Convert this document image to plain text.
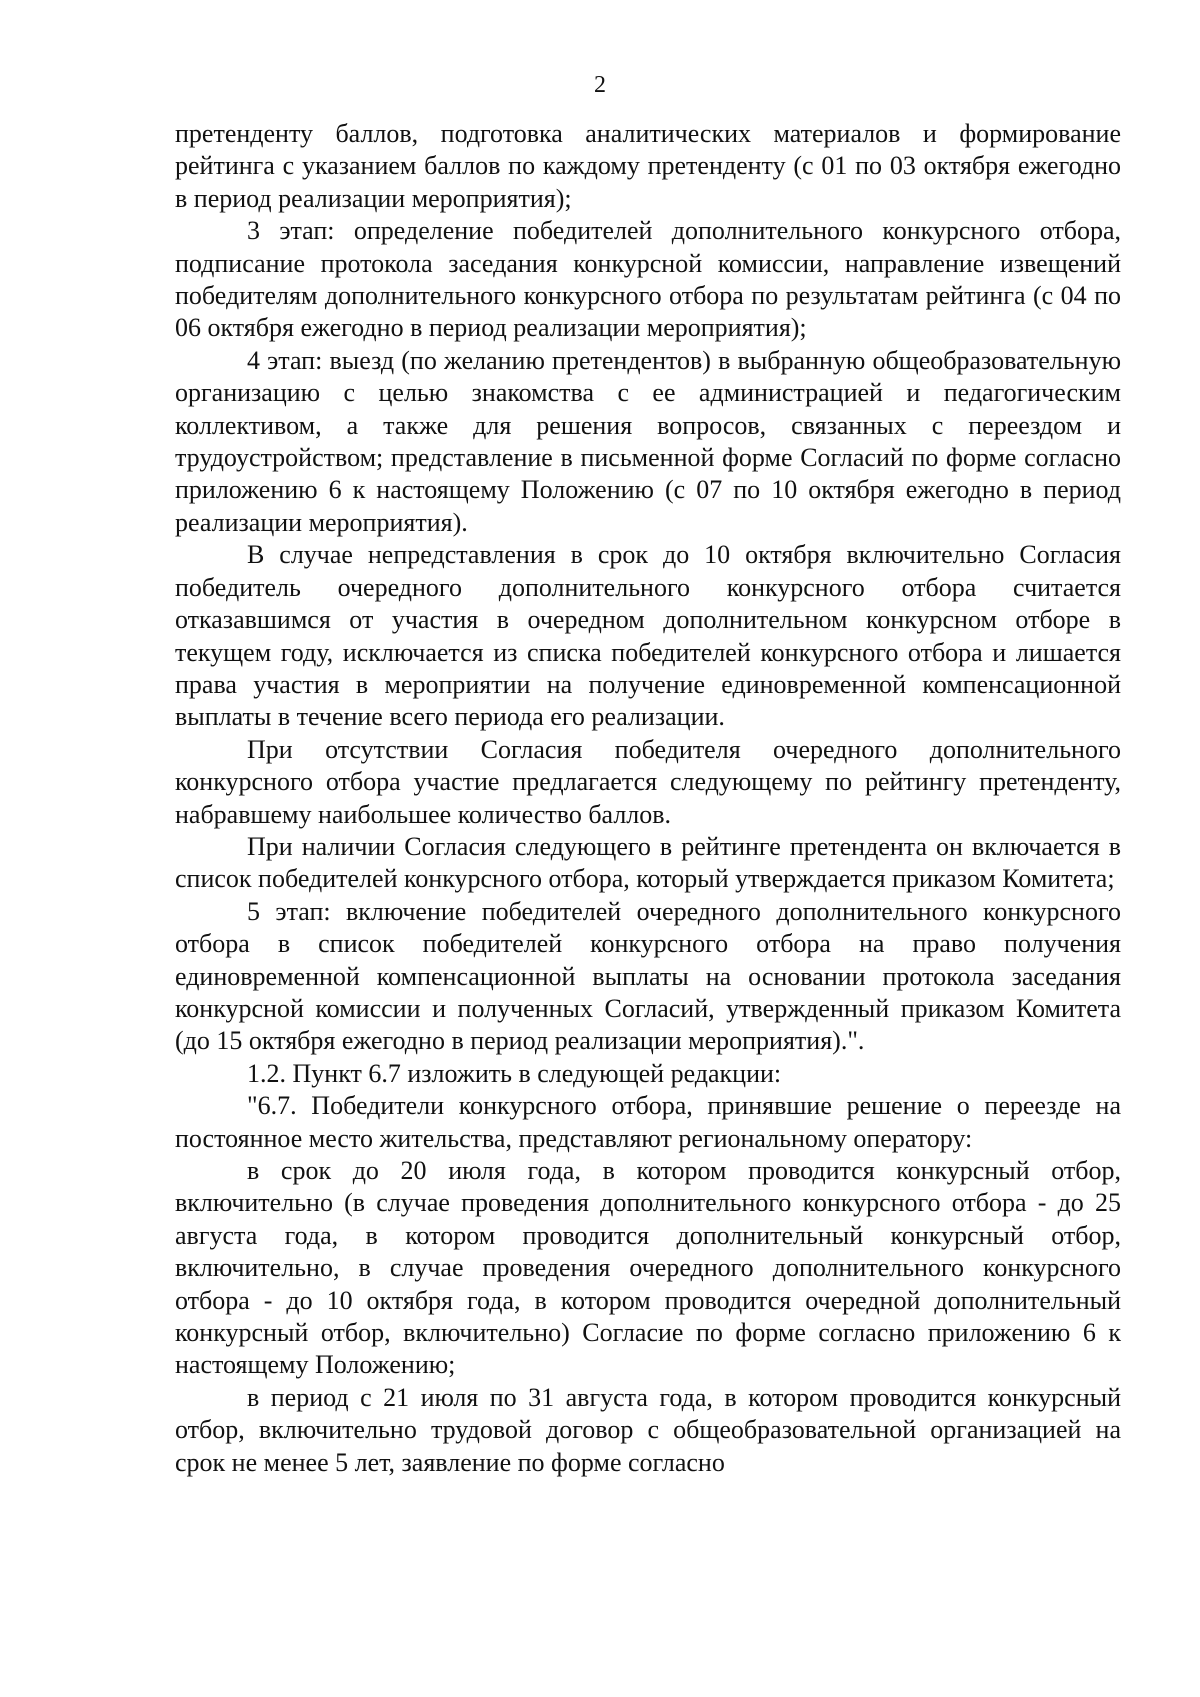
2

претенденту баллов, подготовка аналитических материалов и формирование рейтинга с указанием баллов по каждому претенденту (с 01 по 03 октября ежегодно в период реализации мероприятия);

3 этап: определение победителей дополнительного конкурсного отбора, подписание протокола заседания конкурсной комиссии, направление извещений победителям дополнительного конкурсного отбора по результатам рейтинга (с 04 по 06 октября ежегодно в период реализации мероприятия);

4 этап: выезд (по желанию претендентов) в выбранную общеобразовательную организацию с целью знакомства с ее администрацией и педагогическим коллективом, а также для решения вопросов, связанных с переездом и трудоустройством; представление в письменной форме Согласий по форме согласно приложению 6 к настоящему Положению (с 07 по 10 октября ежегодно в период реализации мероприятия).

В случае непредставления в срок до 10 октября включительно Согласия победитель очередного дополнительного конкурсного отбора считается отказавшимся от участия в очередном дополнительном конкурсном отборе в текущем году, исключается из списка победителей конкурсного отбора и лишается права участия в мероприятии на получение единовременной компенсационной выплаты в течение всего периода его реализации.

При отсутствии Согласия победителя очередного дополнительного конкурсного отбора участие предлагается следующему по рейтингу претенденту, набравшему наибольшее количество баллов.

При наличии Согласия следующего в рейтинге претендента он включается в список победителей конкурсного отбора, который утверждается приказом Комитета;

5 этап: включение победителей очередного дополнительного конкурсного отбора в список победителей конкурсного отбора на право получения единовременной компенсационной выплаты на основании протокола заседания конкурсной комиссии и полученных Согласий, утвержденный приказом Комитета (до 15 октября ежегодно в период реализации мероприятия).".

1.2. Пункт 6.7 изложить в следующей редакции:

"6.7. Победители конкурсного отбора, принявшие решение о переезде на постоянное место жительства, представляют региональному оператору:

в срок до 20 июля года, в котором проводится конкурсный отбор, включительно (в случае проведения дополнительного конкурсного отбора - до 25 августа года, в котором проводится дополнительный конкурсный отбор, включительно, в случае проведения очередного дополнительного конкурсного отбора - до 10 октября года, в котором проводится очередной дополнительный конкурсный отбор, включительно) Согласие по форме согласно приложению 6 к настоящему Положению;

в период с 21 июля по 31 августа года, в котором проводится конкурсный отбор, включительно трудовой договор с общеобразовательной организацией на срок не менее 5 лет, заявление по форме согласно
